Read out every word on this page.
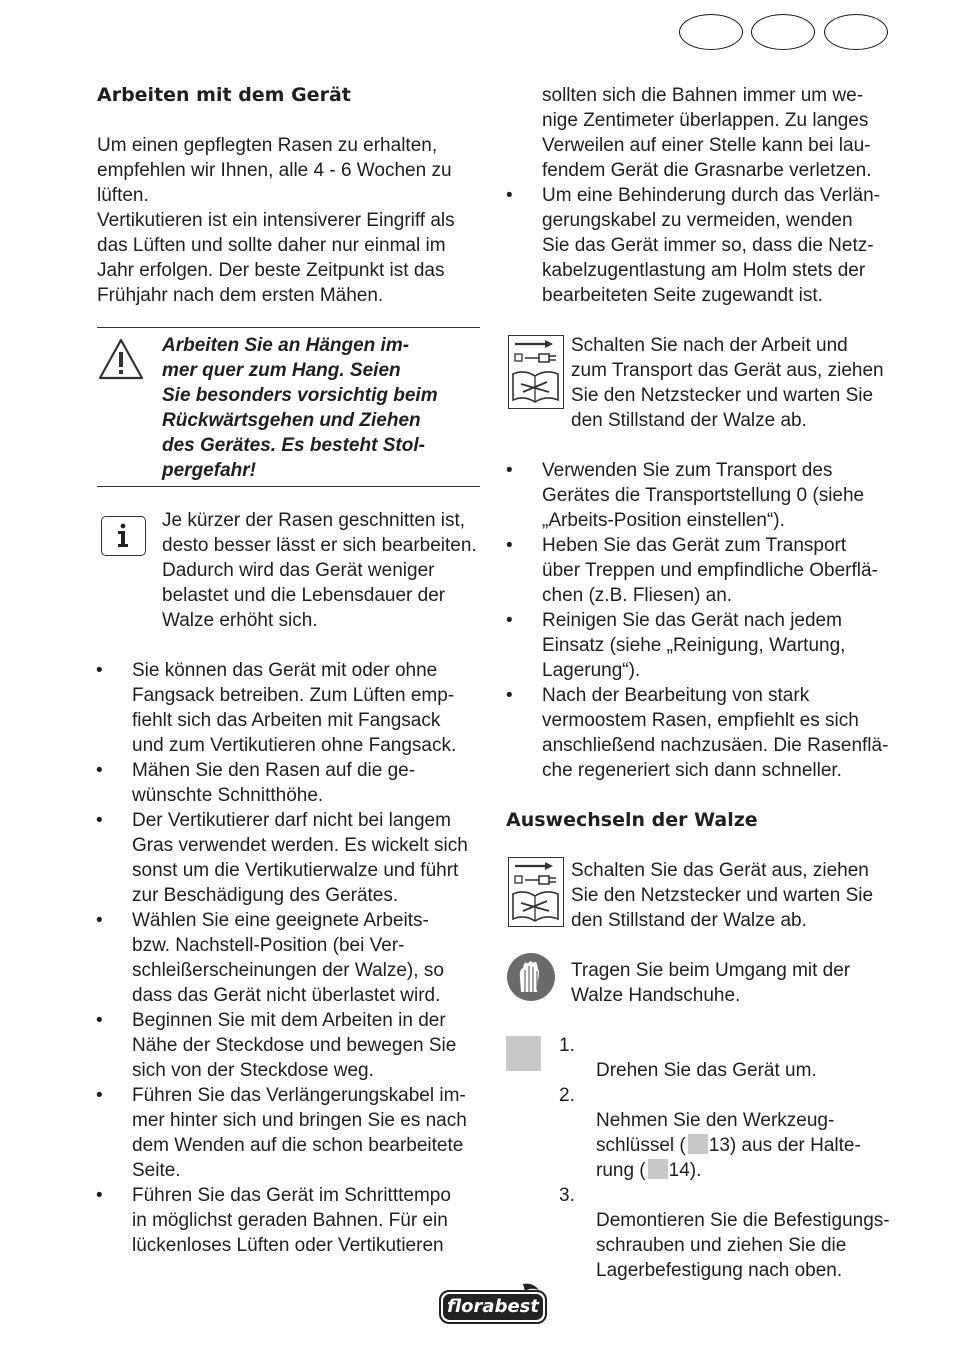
Arbeiten mit dem Gerät

Um einen gepflegten Rasen zu erhalten,
empfehlen wir Ihnen, alle 4 - 6 Wochen zu
lüften.
Vertikutieren ist ein intensiverer Eingriff als
das Lüften und sollte daher nur einmal im
Jahr erfolgen. Der beste Zeitpunkt ist das
Frühjahr nach dem ersten Mähen.

Arbeiten Sie an Hängen im-
mer quer zum Hang. Seien
Sie besonders vorsichtig beim
Rückwärtsgehen und Ziehen
des Gerätes. Es besteht Stol-
pergefahr!

Je kürzer der Rasen geschnitten ist,
desto besser lässt er sich bearbeiten.
Dadurch wird das Gerät weniger
belastet und die Lebensdauer der
Walze erhöht sich.

• Sie können das Gerät mit oder ohne
Fangsack betreiben. Zum Lüften emp-
fiehlt sich das Arbeiten mit Fangsack
und zum Vertikutieren ohne Fangsack.
• Mähen Sie den Rasen auf die ge-
wünschte Schnitthöhe.
• Der Vertikutierer darf nicht bei langem
Gras verwendet werden. Es wickelt sich
sonst um die Vertikutierwalze und führt
zur Beschädigung des Gerätes.
• Wählen Sie eine geeignete Arbeits-
bzw. Nachstell-Position (bei Ver-
schleißerscheinungen der Walze), so
dass das Gerät nicht überlastet wird.
• Beginnen Sie mit dem Arbeiten in der
Nähe der Steckdose und bewegen Sie
sich von der Steckdose weg.
• Führen Sie das Verlängerungskabel im-
mer hinter sich und bringen Sie es nach
dem Wenden auf die schon bearbeitete
Seite.
• Führen Sie das Gerät im Schritttempo
in möglichst geraden Bahnen. Für ein
lückenloses Lüften oder Vertikutieren

sollten sich die Bahnen immer um we-
nige Zentimeter überlappen. Zu langes
Verweilen auf einer Stelle kann bei lau-
fendem Gerät die Grasnarbe verletzen.

• Um eine Behinderung durch das Verlän-
gerungskabel zu vermeiden, wenden
Sie das Gerät immer so, dass die Netz-
kabelzugentlastung am Holm stets der
bearbeiteten Seite zugewandt ist.

Schalten Sie nach der Arbeit und
zum Transport das Gerät aus, ziehen
Sie den Netzstecker und warten Sie
den Stillstand der Walze ab.

• Verwenden Sie zum Transport des
Gerätes die Transportstellung 0 (siehe
„Arbeits-Position einstellen“).
• Heben Sie das Gerät zum Transport
über Treppen und empfindliche Oberflä-
chen (z.B. Fliesen) an.
• Reinigen Sie das Gerät nach jedem
Einsatz (siehe „Reinigung, Wartung,
Lagerung“).
• Nach der Bearbeitung von stark
vermoostem Rasen, empfiehlt es sich
anschließend nachzusäen. Die Rasenflä-
che regeneriert sich dann schneller.
Auswechseln der Walze

Schalten Sie das Gerät aus, ziehen
Sie den Netzstecker und warten Sie
den Stillstand der Walze ab.

Tragen Sie beim Umgang mit der
Walze Handschuhe.

1.
Drehen Sie das Gerät um.

2.
Nehmen Sie den Werkzeug-
schlüssel ( 13) aus der Halte-
rung ( 14).

3.
Demontieren Sie die Befestigungs-
schrauben und ziehen Sie die
Lagerbefestigung nach oben.

florabest
